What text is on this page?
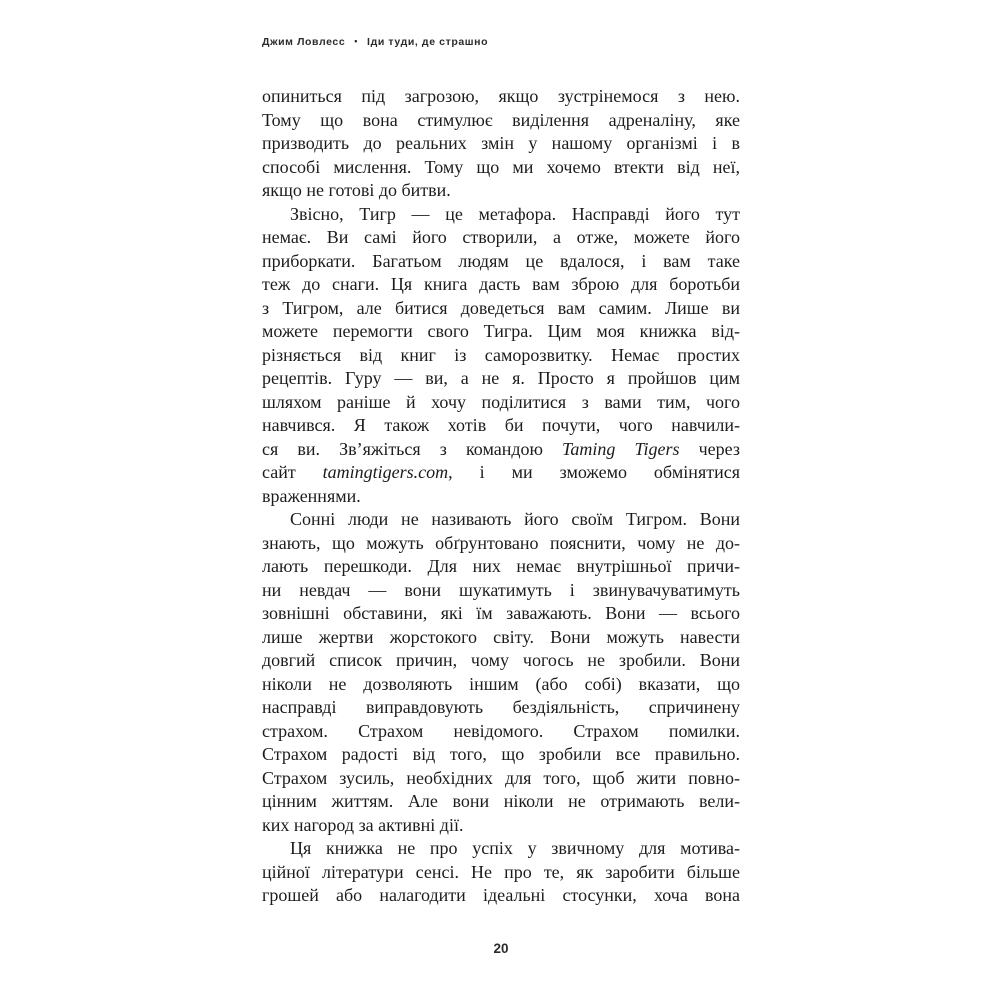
Джим Ловлесс • Іди туди, де страшно
опиниться під загрозою, якщо зустрінемося з нею.
Тому що вона стимулює виділення адреналіну, яке
призводить до реальних змін у нашому організмі і в
способі мислення. Тому що ми хочемо втекти від неї,
якщо не готові до битви.
Звісно, Тигр — це метафора. Насправді його тут
немає. Ви самі його створили, а отже, можете його
приборкати. Багатьом людям це вдалося, і вам таке
теж до снаги. Ця книга дасть вам зброю для боротьби
з Тигром, але битися доведеться вам самим. Лише ви
можете перемогти свого Тигра. Цим моя книжка від-
різняється від книг із саморозвитку. Немає простих
рецептів. Гуру — ви, а не я. Просто я пройшов цим
шляхом раніше й хочу поділитися з вами тим, чого
навчився. Я також хотів би почути, чого навчили-
ся ви. Зв’яжіться з командою Taming Tigers через
сайт tamingtigers.com, і ми зможемо обмінятися
враженнями.
Сонні люди не називають його своїм Тигром. Вони
знають, що можуть обґрунтовано пояснити, чому не до-
лають перешкоди. Для них немає внутрішньої причи-
ни невдач — вони шукатимуть і звинувачуватимуть
зовнішні обставини, які їм заважають. Вони — всього
лише жертви жорстокого світу. Вони можуть навести
довгий список причин, чому чогось не зробили. Вони
ніколи не дозволяють іншим (або собі) вказати, що
насправді виправдовують бездіяльність, спричинену
страхом. Страхом невідомого. Страхом помилки.
Страхом радості від того, що зробили все правильно.
Страхом зусиль, необхідних для того, щоб жити повно-
цінним життям. Але вони ніколи не отримають вели-
ких нагород за активні дії.
Ця книжка не про успіх у звичному для мотива-
ційної літератури сенсі. Не про те, як заробити більше
грошей або налагодити ідеальні стосунки, хоча вона
20
